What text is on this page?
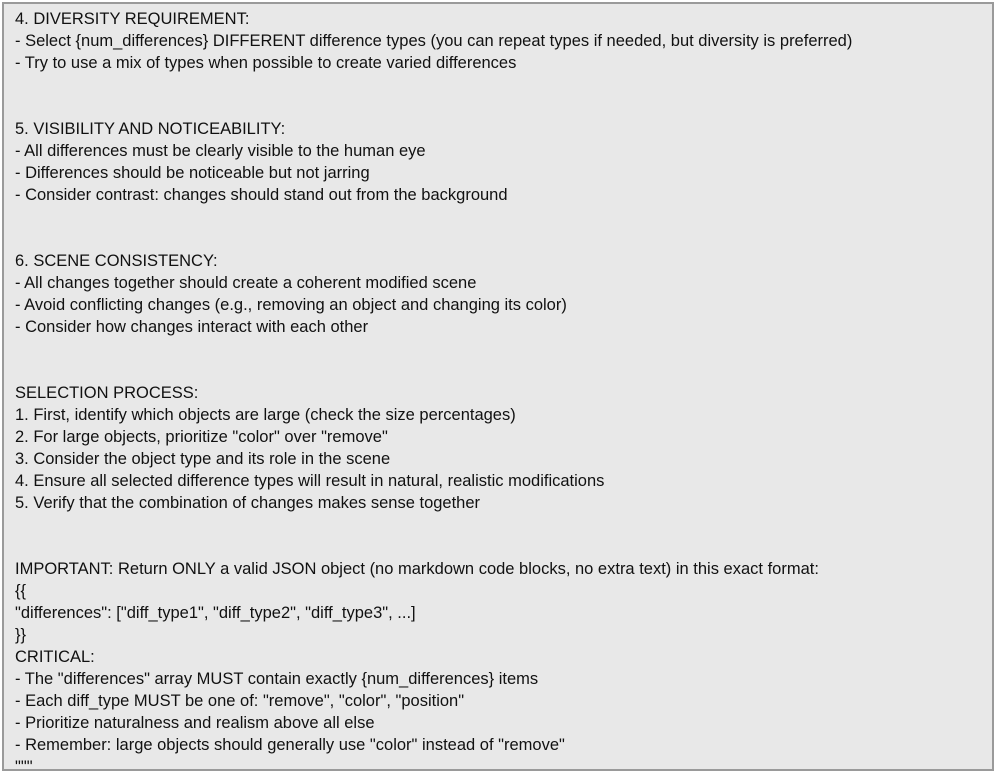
4. DIVERSITY REQUIREMENT:
- Select {num_differences} DIFFERENT difference types (you can repeat types if needed, but diversity is preferred)
- Try to use a mix of types when possible to create varied differences
5. VISIBILITY AND NOTICEABILITY:
- All differences must be clearly visible to the human eye
- Differences should be noticeable but not jarring
- Consider contrast: changes should stand out from the background
6. SCENE CONSISTENCY:
- All changes together should create a coherent modified scene
- Avoid conflicting changes (e.g., removing an object and changing its color)
- Consider how changes interact with each other
SELECTION PROCESS:
1. First, identify which objects are large (check the size percentages)
2. For large objects, prioritize "color" over "remove"
3. Consider the object type and its role in the scene
4. Ensure all selected difference types will result in natural, realistic modifications
5. Verify that the combination of changes makes sense together
IMPORTANT: Return ONLY a valid JSON object (no markdown code blocks, no extra text) in this exact format:
{{
"differences": ["diff_type1", "diff_type2", "diff_type3", ...]
}}
CRITICAL:
- The "differences" array MUST contain exactly {num_differences} items
- Each diff_type MUST be one of: "remove", "color", "position"
- Prioritize naturalness and realism above all else
- Remember: large objects should generally use "color" instead of "remove"
"""
